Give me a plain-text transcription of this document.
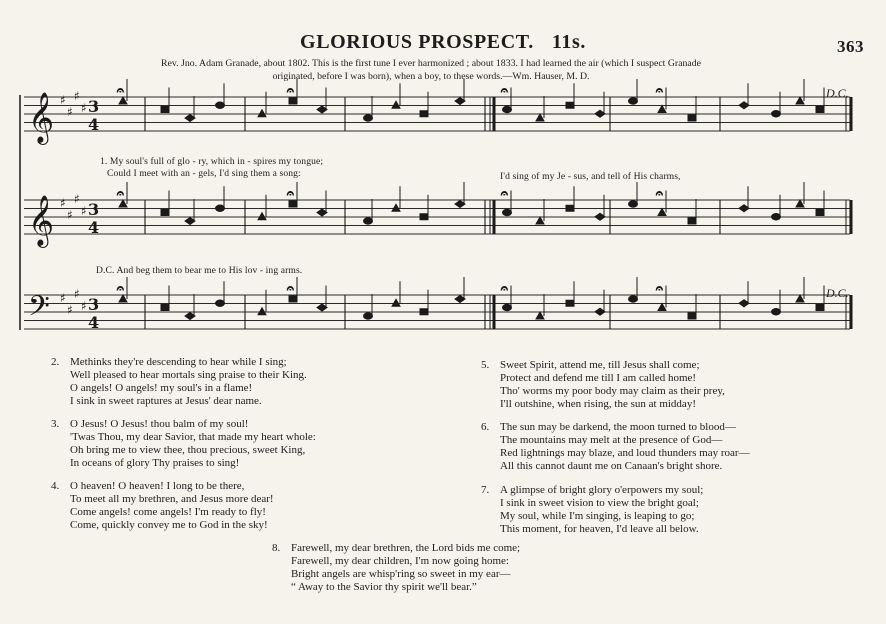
GLORIOUS PROSPECT. 11s.	363
Rev. Jno. Adam Granade, about 1802. This is the first tune I ever harmonized ; about 1833. I had learned the air (which I suspect Granade
originated, before I was born), when a boy, to these words.—Wm. Hauser, M. D.
𝄐	𝄐	𝄐	𝄐
𝄐	𝄐	𝄐	𝄐
𝄐	𝄐	𝄐	𝄐
𝄞 ♯
♯
♯
♯ 3
4
𝄞 ♯
♯
♯
♯ 3
4
𝄢 ♯
♯
♯
♯ 3
4
D.C.
D.C.
1. My soul's full of glo - ry, which in - spires my tongue;
Could I meet with an - gels, I'd sing them a song:	I'd sing of my Je - sus, and tell of His charms,
D.C. And beg them to bear me to His lov - ing arms.
2. Methinks they're descending to hear while I sing;
Well pleased to hear mortals sing praise to their King.
O angels! O angels! my soul's in a flame!
I sink in sweet raptures at Jesus' dear name.
3. O Jesus! O Jesus! thou balm of my soul!
'Twas Thou, my dear Savior, that made my heart whole:
Oh bring me to view thee, thou precious, sweet King,
In oceans of glory Thy praises to sing!
4. O heaven! O heaven! I long to be there,
To meet all my brethren, and Jesus more dear!
Come angels! come angels! I'm ready to fly!
Come, quickly convey me to God in the sky!
5. Sweet Spirit, attend me, till Jesus shall come;
Protect and defend me till I am called home!
Tho' worms my poor body may claim as their prey,
I'll outshine, when rising, the sun at midday!
6. The sun may be darkend, the moon turned to blood—
The mountains may melt at the presence of God—
Red lightnings may blaze, and loud thunders may roar—
All this cannot daunt me on Canaan's bright shore.
7. A glimpse of bright glory o'erpowers my soul;
I sink in sweet vision to view the bright goal;
My soul, while I'm singing, is leaping to go;
This moment, for heaven, I'd leave all below.
8. Farewell, my dear brethren, the Lord bids me come;
Farewell, my dear children, I'm now going home:
Bright angels are whisp'ring so sweet in my ear—
“ Away to the Savior thy spirit we'll bear.”
